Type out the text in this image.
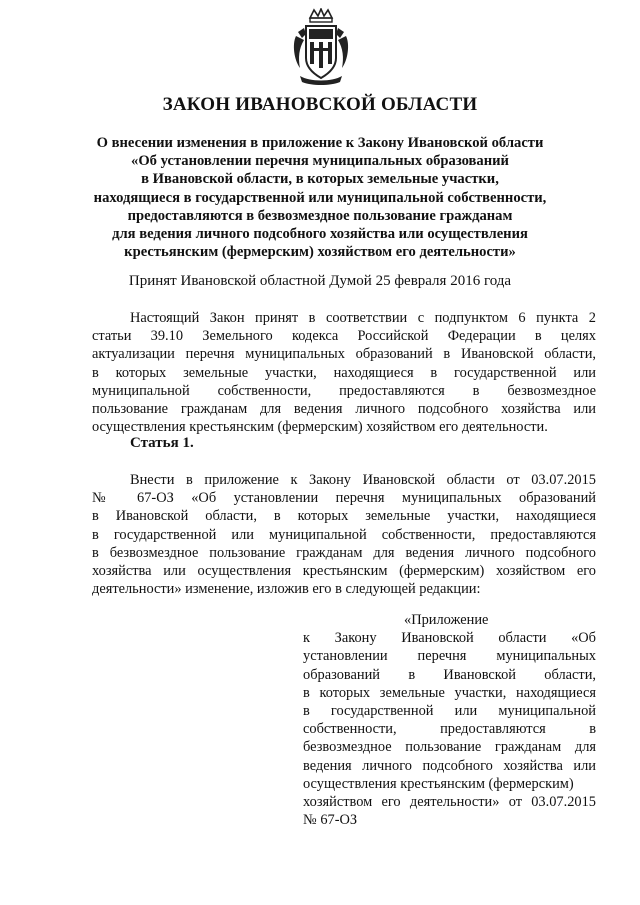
ЗАКОН ИВАНОВСКОЙ ОБЛАСТИ
О внесении изменения в приложение к Закону Ивановской области
«Об установлении перечня муниципальных образований
в Ивановской области, в которых земельные участки,
находящиеся в государственной или муниципальной собственности,
предоставляются в безвозмездное пользование гражданам
для ведения личного подсобного хозяйства или осуществления
крестьянским (фермерским) хозяйством его деятельности»
Принят Ивановской областной Думой 25 февраля 2016 года
Настоящий Закон принят в соответствии с подпунктом 6 пункта 2
статьи 39.10 Земельного кодекса Российской Федерации в целях
актуализации перечня муниципальных образований в Ивановской области,
в которых земельные участки, находящиеся в государственной или
муниципальной собственности, предоставляются в безвозмездное
пользование гражданам для ведения личного подсобного хозяйства или
осуществления крестьянским (фермерским) хозяйством его деятельности.
Статья 1.
Внести в приложение к Закону Ивановской области от 03.07.2015
№ 67-ОЗ «Об установлении перечня муниципальных образований
в Ивановской области, в которых земельные участки, находящиеся
в государственной или муниципальной собственности, предоставляются
в безвозмездное пользование гражданам для ведения личного подсобного
хозяйства или осуществления крестьянским (фермерским) хозяйством его
деятельности» изменение, изложив его в следующей редакции:
«Приложение
к Закону Ивановской области «Об
установлении перечня муниципальных
образований в Ивановской области,
в которых земельные участки, находящиеся
в государственной или муниципальной
собственности, предоставляются в
безвозмездное пользование гражданам для
ведения личного подсобного хозяйства или
осуществления крестьянским (фермерским)
хозяйством его деятельности» от 03.07.2015
№ 67-ОЗ
